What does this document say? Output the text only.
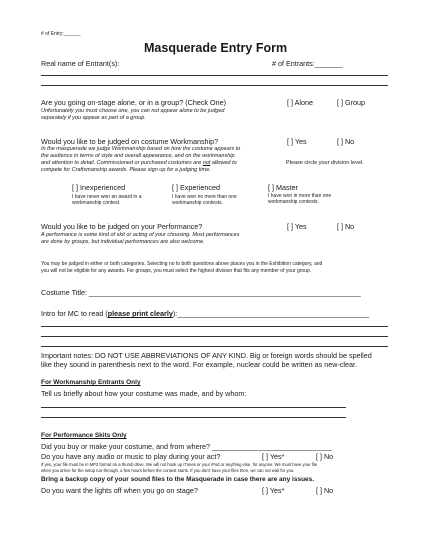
# of Entry:______
Masquerade Entry Form
Real name of Entrant(s):	# of Entrants:_______
Are you going on-stage alone, or in a group? (Check One)
Unfortunately you must choose one, you can not appear alone to be judged
separately if you appear as part of a group.
[ ] Alone	[ ] Group
Would you like to be judged on costume Workmanship?
In the masquerade we judge Workmanship based on how the costume appears to
the audience in terms of style and overall appearance, and on the workmanship
and attention to detail. Commissioned or purchased costumes are not allowed to
compete for Craftsmanship awards. Please sign up for a judging time.
[ ] Yes	[ ] No
Please circle your division level.
[ ] Inexperienced
I have never won an award in a
workmanship contest.
[ ] Experienced
I have won no more than one
workmanship contests.
[ ] Master
I have won in more than one
workmanship contests.
Would you like to be judged on your Performance?
A performance is some kind of skit or acting of your choosing. Most performances
are done by groups, but individual performances are also welcome.
[ ] Yes	[ ] No
You may be judged in either or both categories. Selecting no to both questions above places you in the Exhibition category, and
you will not be eligible for any awards. For groups, you must select the highest division that fits any member of your group.
Costume Title: ____________________________________________________________________
Intro for MC to read (please print clearly):________________________________________________
Important notes: DO NOT USE ABBREVIATIONS OF ANY KIND. Big or foreign words should be spelled
like they sound in parenthesis next to the word. For example, nuclear could be written as new-clear.
For Workmanship Entrants Only
Tell us briefly about how your costume was made, and by whom:
For Performance Skits Only
Did you buy or make your costume, and from where? ______________________________
Do you have any audio or music to play during your act?	[ ] Yes*	[ ] No
If yes, your file must be in MP3 format on a thumb drive. We will not hook up iTunes or your iPod or anything else, for anyone. We must have your file
when you arrive for the setup run-through, a few hours before the contest starts. If you don't have your files then, we can not wait for you.
Bring a backup copy of your sound files to the Masquerade in case there are any issues.
Do you want the lights off when you go on stage?	[ ] Yes*	[ ] No
